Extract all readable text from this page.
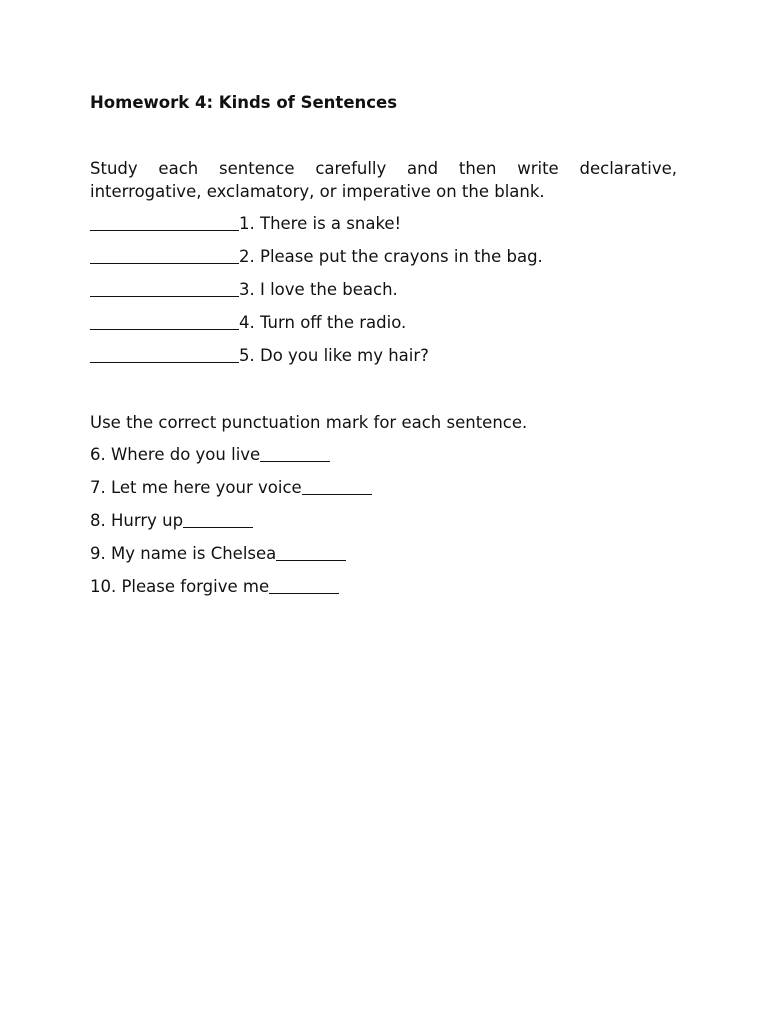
Homework 4: Kinds of Sentences

Study each sentence carefully and then write declarative, interrogative, exclamatory, or imperative on the blank.

1. There is a snake!
2. Please put the crayons in the bag.
3. I love the beach.
4. Turn off the radio.
5. Do you like my hair?

Use the correct punctuation mark for each sentence.

6. Where do you live
7. Let me here your voice
8. Hurry up
9. My name is Chelsea
10. Please forgive me
